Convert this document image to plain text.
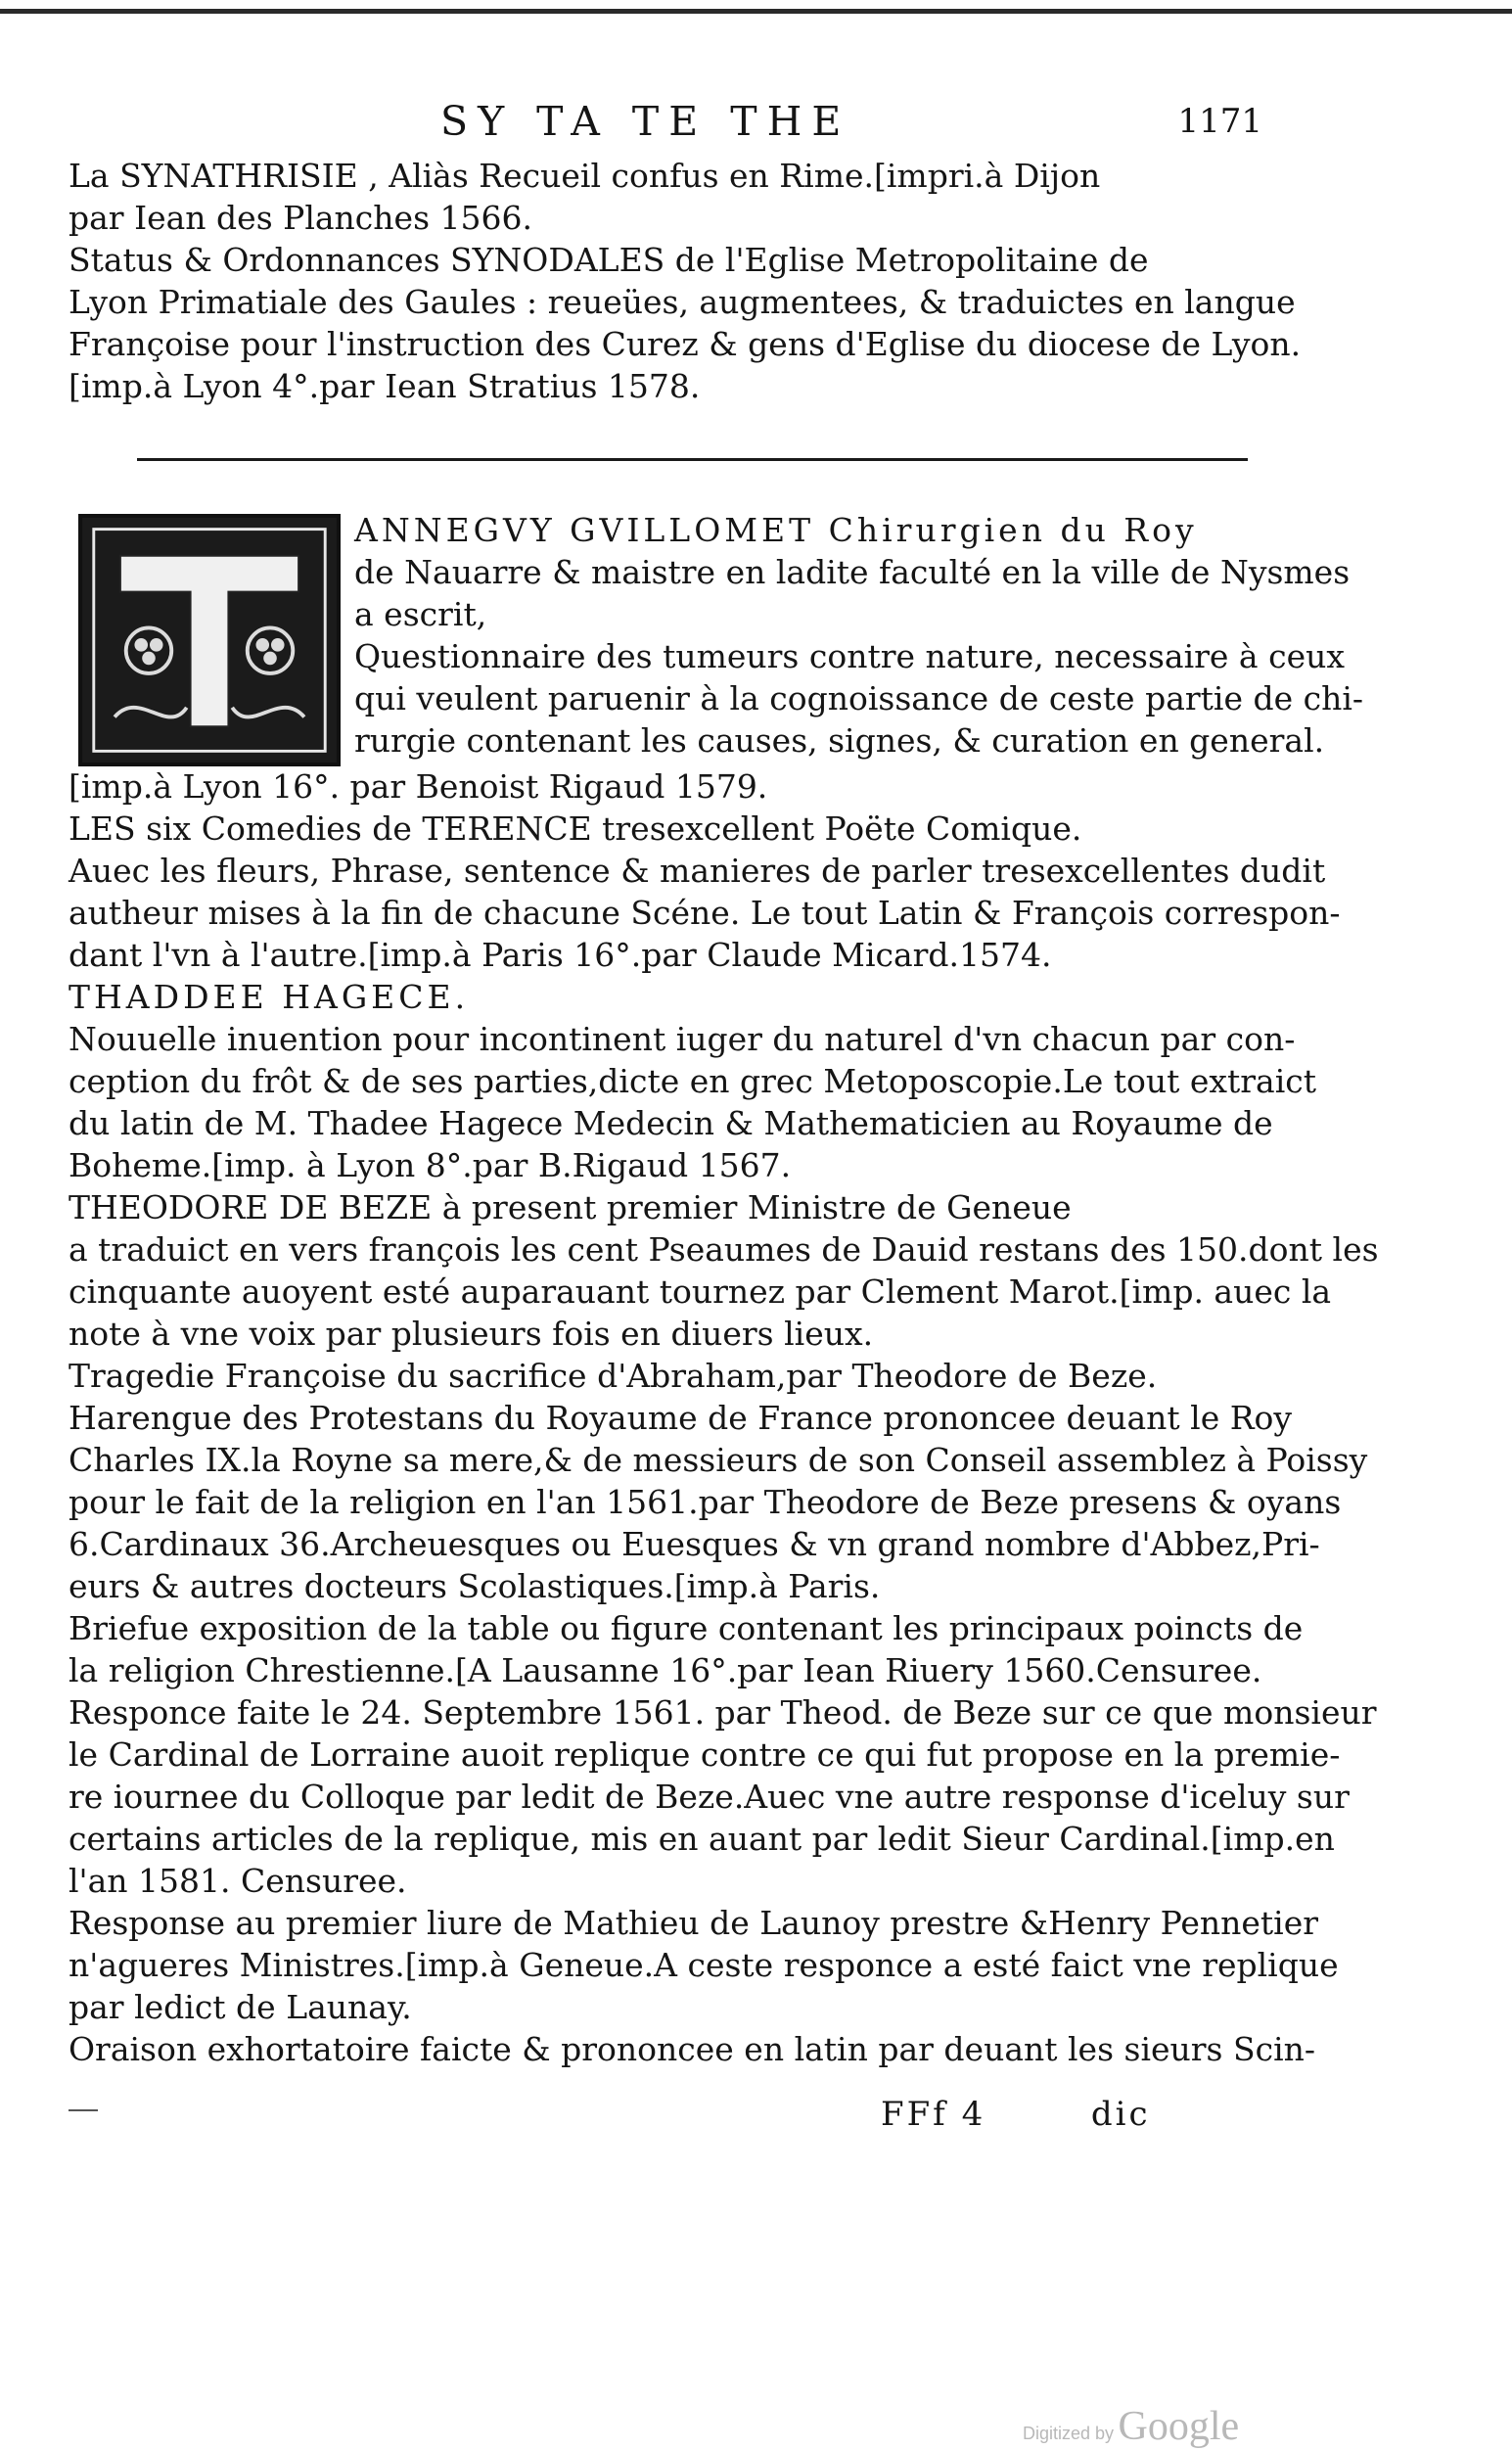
SY TA TE THE	1171

La SYNATHRISIE , Aliàs Recueil confus en Rime.[impri.à Dijon

par Iean des Planches 1566.

Status & Ordonnances SYNODALES de l'Eglise Metropolitaine de

Lyon Primatiale des Gaules : reueües, augmentees, & traduictes en langue

Françoise pour l'instruction des Curez & gens d'Eglise du diocese de Lyon.

[imp.à Lyon 4°.par Iean Stratius 1578.

ANNEGVY GVILLOMET Chirurgien du Roy

de Nauarre & maistre en ladite faculté en la ville de Nysmes

a escrit,

Questionnaire des tumeurs contre nature, necessaire à ceux

qui veulent paruenir à la cognoissance de ceste partie de chi-

rurgie contenant les causes, signes, & curation en general.

[imp.à Lyon 16°. par Benoist Rigaud 1579.

LES six Comedies de TERENCE tresexcellent Poëte Comique.

Auec les fleurs, Phrase, sentence & manieres de parler tresexcellentes dudit

autheur mises à la fin de chacune Scéne. Le tout Latin & François correspon-

dant l'vn à l'autre.[imp.à Paris 16°.par Claude Micard.1574.

THADDEE HAGECE.

Nouuelle inuention pour incontinent iuger du naturel d'vn chacun par con-

ception du frôt & de ses parties,dicte en grec Metoposcopie.Le tout extraict

du latin de M. Thadee Hagece Medecin & Mathematicien au Royaume de

Boheme.[imp. à Lyon 8°.par B.Rigaud 1567.

THEODORE DE BEZE à present premier Ministre de Geneue

a traduict en vers françois les cent Pseaumes de Dauid restans des 150.dont les

cinquante auoyent esté auparauant tournez par Clement Marot.[imp. auec la

note à vne voix par plusieurs fois en diuers lieux.

Tragedie Françoise du sacrifice d'Abraham,par Theodore de Beze.

Harengue des Protestans du Royaume de France prononcee deuant le Roy

Charles IX.la Royne sa mere,& de messieurs de son Conseil assemblez à Poissy

pour le fait de la religion en l'an 1561.par Theodore de Beze presens & oyans

6.Cardinaux 36.Archeuesques ou Euesques & vn grand nombre d'Abbez,Pri-

eurs & autres docteurs Scolastiques.[imp.à Paris.

Briefue exposition de la table ou figure contenant les principaux poincts de

la religion Chrestienne.[A Lausanne 16°.par Iean Riuery 1560.Censuree.

Responce faite le 24. Septembre 1561. par Theod. de Beze sur ce que monsieur

le Cardinal de Lorraine auoit replique contre ce qui fut propose en la premie-

re iournee du Colloque par ledit de Beze.Auec vne autre response d'iceluy sur

certains articles de la replique, mis en auant par ledit Sieur Cardinal.[imp.en

l'an 1581. Censuree.

Response au premier liure de Mathieu de Launoy prestre &Henry Pennetier

n'agueres Ministres.[imp.à Geneue.A ceste responce a esté faict vne replique

par ledict de Launay.

Oraison exhortatoire faicte & prononcee en latin par deuant les sieurs Scin-

FFf 4	dic
Digitized by Google
